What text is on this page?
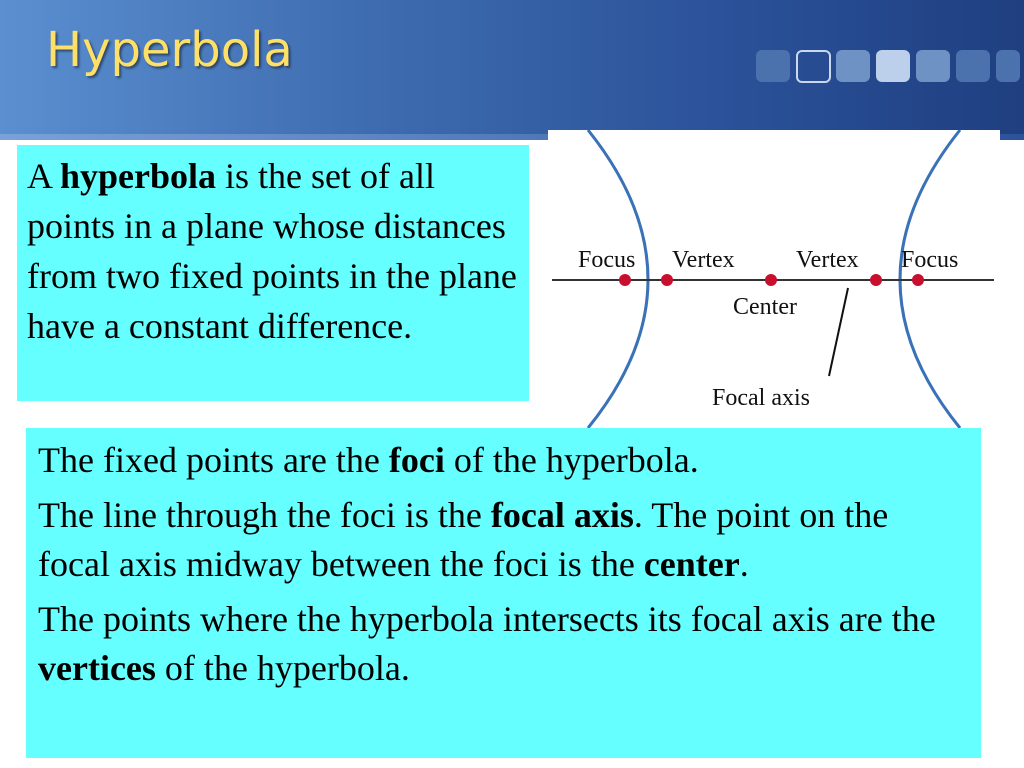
Hyperbola
Focus Vertex	Vertex Focus
Center
Focal axis
A hyperbola is the set of all points in a plane whose distances from two fixed points in the plane have a constant difference.

The fixed points are the foci of the hyperbola.

The line through the foci is the focal axis. The point on the focal axis midway between the foci is the center.

The points where the hyperbola intersects its focal axis are the vertices of the hyperbola.
